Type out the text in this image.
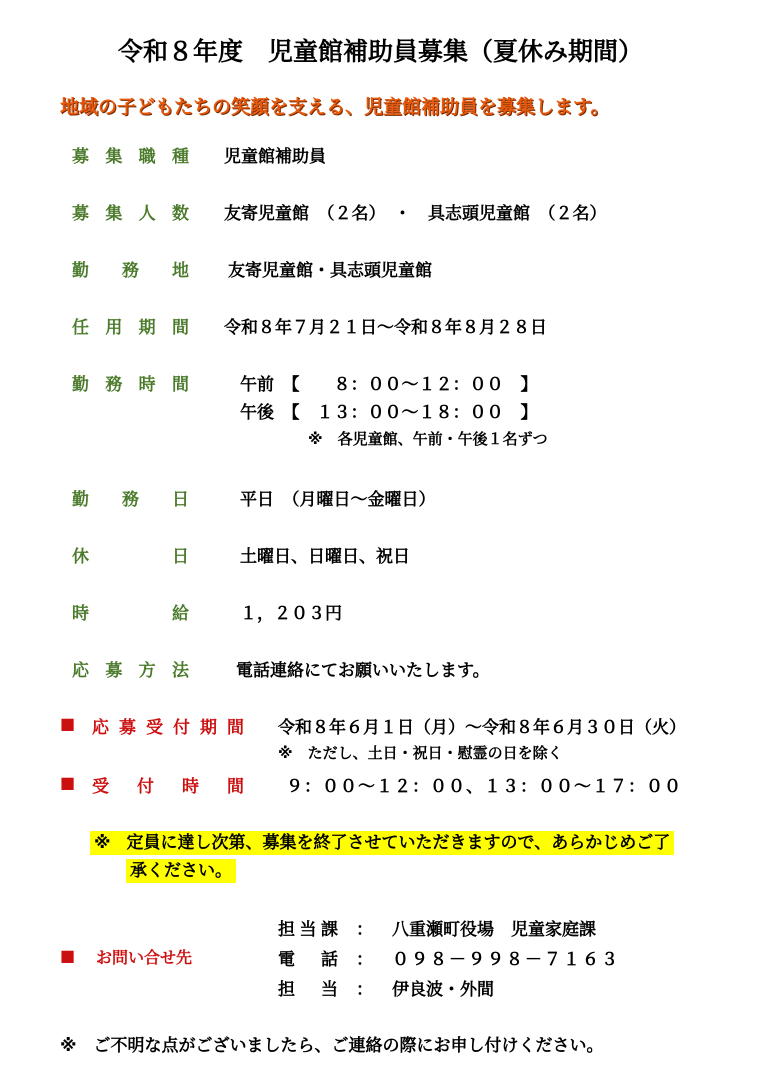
令和８年度　児童館補助員募集（夏休み期間）
地域の子どもたちの笑顔を支える、児童館補助員を募集します。
募集職種 児童館補助員
募集人数 友寄児童館　（２名）　・　具志頭児童館　（２名）
勤務地 友寄児童館・具志頭児童館
任用期間 令和８年７月２１日～令和８年８月２８日
勤務時間	午前　【　　８：００～１２：００　】
午後　【　１３：００～１８：００　】
※　各児童館、午前・午後１名ずつ
勤務日	平日　（月曜日～金曜日）
休日	土曜日、日曜日、祝日
時給	１，２０３円
応募方法	電話連絡にてお願いいたします。
■ 応募受付期間 令和８年６月１日（月）～令和８年６月３０日（火）
※　ただし、土日・祝日・慰霊の日を除く
■ 受付時間 ９：００～１２：００、１３：００～１７：００
※ 定員に達し次第、募集を終了させていただきますので、あらかじめご了
承ください。
担当課 ： 八重瀬町役場　児童家庭課
■ お問い合せ先	電話 ： ０９８－９９８－７１６３
担当 ： 伊良波・外間
※　ご不明な点がございましたら、ご連絡の際にお申し付けください。
